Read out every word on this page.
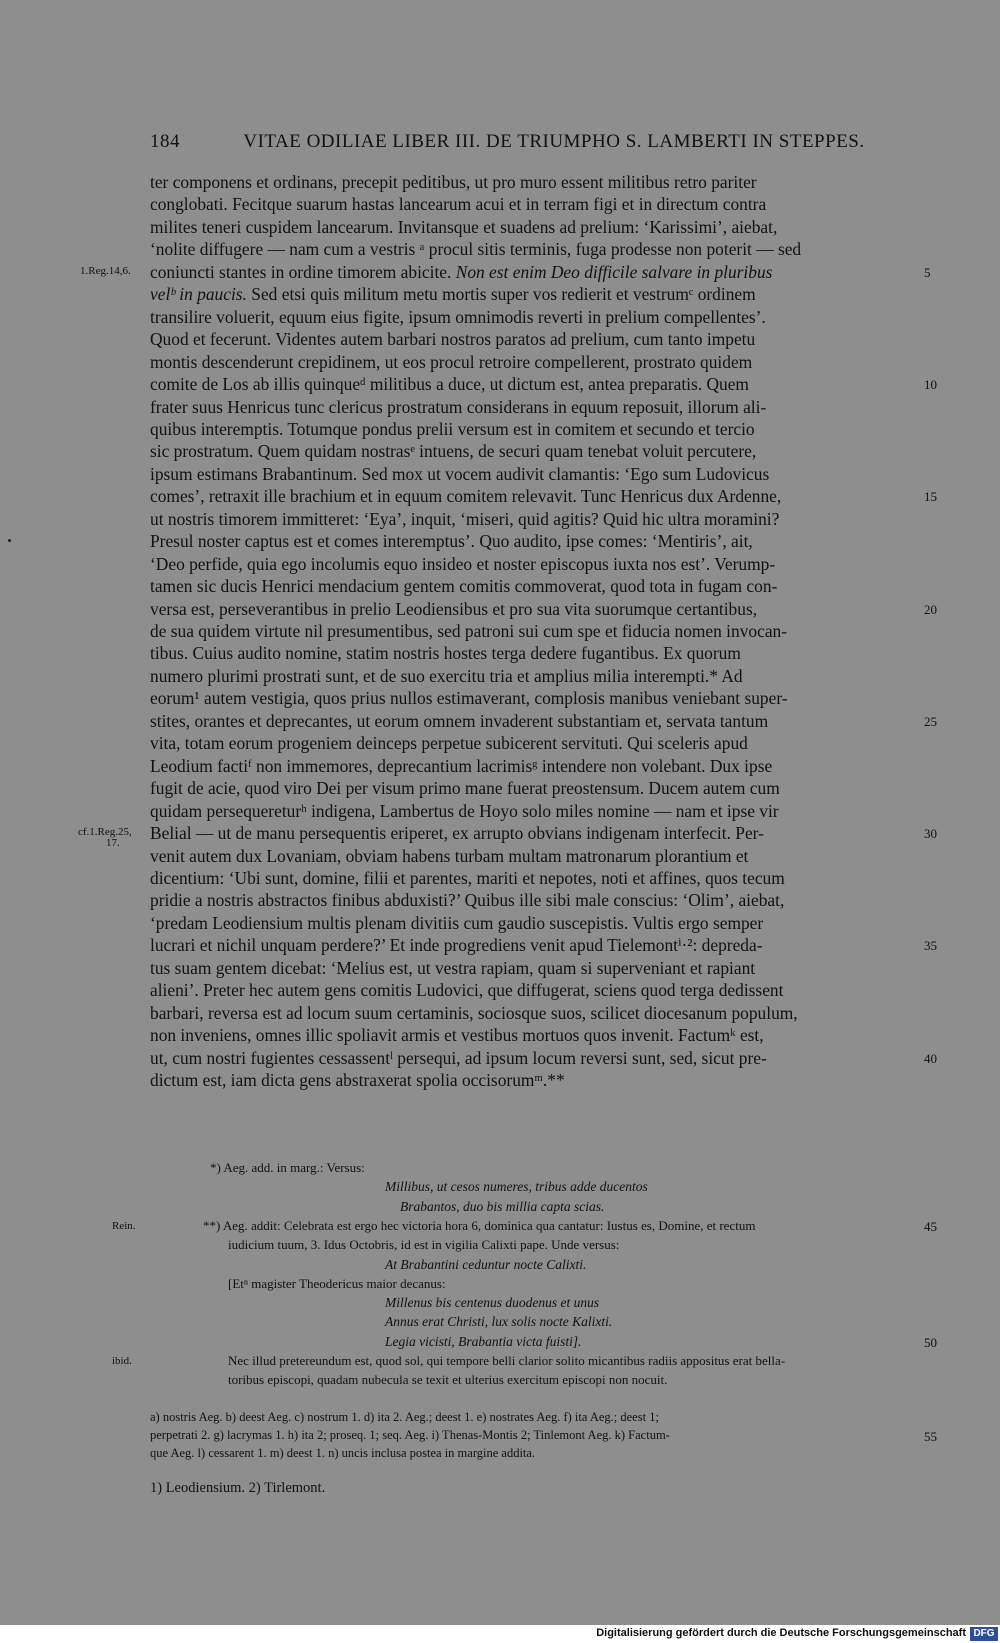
184	VITAE ODILIAE LIBER III. DE TRIUMPHO S. LAMBERTI IN STEPPES.
ter componens et ordinans, precepit peditibus, ut pro muro essent militibus retro pariter
conglobati. Fecitque suarum hastas lancearum acui et in terram figi et in directum contra
milites teneri cuspidem lancearum. Invitansque et suadens ad prelium: ‘Karissimi’, aiebat,
‘nolite diffugere — nam cum a vestris ᵃ procul sitis terminis, fuga prodesse non poterit — sed
coniuncti stantes in ordine timorem abicite. Non est enim Deo difficile salvare in pluribus	5
1.Reg.14,6.
velᵇ in paucis. Sed etsi quis militum metu mortis super vos redierit et vestrumᶜ ordinem
transilire voluerit, equum eius figite, ipsum omnimodis reverti in prelium compellentes’.
Quod et fecerunt. Videntes autem barbari nostros paratos ad prelium, cum tanto impetu
montis descenderunt crepidinem, ut eos procul retroire compellerent, prostrato quidem
comite de Los ab illis quinqueᵈ militibus a duce, ut dictum est, antea preparatis. Quem	10
frater suus Henricus tunc clericus prostratum considerans in equum reposuit, illorum ali-
quibus interemptis. Totumque pondus prelii versum est in comitem et secundo et tercio
sic prostratum. Quem quidam nostrasᵉ intuens, de securi quam tenebat voluit percutere,
ipsum estimans Brabantinum. Sed mox ut vocem audivit clamantis: ‘Ego sum Ludovicus
comes’, retraxit ille brachium et in equum comitem relevavit. Tunc Henricus dux Ardenne,	15
ut nostris timorem immitteret: ‘Eya’, inquit, ‘miseri, quid agitis? Quid hic ultra moramini?
Presul noster captus est et comes interemptus’. Quo audito, ipse comes: ‘Mentiris’, ait,
‘Deo perfide, quia ego incolumis equo insideo et noster episcopus iuxta nos est’. Verump-
tamen sic ducis Henrici mendacium gentem comitis commoverat, quod tota in fugam con-
versa est, perseverantibus in prelio Leodiensibus et pro sua vita suorumque certantibus,	20
de sua quidem virtute nil presumentibus, sed patroni sui cum spe et fiducia nomen invocan-
tibus. Cuius audito nomine, statim nostris hostes terga dedere fugantibus. Ex quorum
numero plurimi prostrati sunt, et de suo exercitu tria et amplius milia interempti.* Ad
eorum¹ autem vestigia, quos prius nullos estimaverant, complosis manibus veniebant super-
stites, orantes et deprecantes, ut eorum omnem invaderent substantiam et, servata tantum	25
vita, totam eorum progeniem deinceps perpetue subicerent servituti. Qui sceleris apud
Leodium factiᶠ non immemores, deprecantium lacrimisᵍ intendere non volebant. Dux ipse
fugit de acie, quod viro Dei per visum primo mane fuerat preostensum. Ducem autem cum
quidam persequereturʰ indigena, Lambertus de Hoyo solo miles nomine — nam et ipse vir
Belial — ut de manu persequentis eriperet, ex arrupto obvians indigenam interfecit. Per-	30
cf.1.Reg.25,
17.
venit autem dux Lovaniam, obviam habens turbam multam matronarum plorantium et
dicentium: ‘Ubi sunt, domine, filii et parentes, mariti et nepotes, noti et affines, quos tecum
pridie a nostris abstractos finibus abduxisti?’ Quibus ille sibi male conscius: ‘Olim’, aiebat,
‘predam Leodiensium multis plenam divitiis cum gaudio suscepistis. Vultis ergo semper
lucrari et nichil unquam perdere?’ Et inde progrediens venit apud Tielemontⁱ·²: depreda-	35
tus suam gentem dicebat: ‘Melius est, ut vestra rapiam, quam si superveniant et rapiant
alieni’. Preter hec autem gens comitis Ludovici, que diffugerat, sciens quod terga dedissent
barbari, reversa est ad locum suum certaminis, sociosque suos, scilicet diocesanum populum,
non inveniens, omnes illic spoliavit armis et vestibus mortuos quos invenit. Factumᵏ est,
ut, cum nostri fugientes cessassentˡ persequi, ad ipsum locum reversi sunt, sed, sicut pre-	40
dictum est, iam dicta gens abstraxerat spolia occisorumᵐ.**
*) Aeg. add. in marg.: Versus:
Millibus, ut cesos numeres, tribus adde ducentos
Brabantos, duo bis millia capta scias.
**) Aeg. addit: Celebrata est ergo hec victoria hora 6, dominica qua cantatur: Iustus es, Domine, et rectum	45
Rein.
iudicium tuum, 3. Idus Octobris, id est in vigilia Calixti pape. Unde versus:
At Brabantini ceduntur nocte Calixti.
[Etⁿ magister Theodericus maior decanus:
Millenus bis centenus duodenus et unus
Annus erat Christi, lux solis nocte Kalixti.
Legia vicisti, Brabantia victa fuisti].	50
Nec illud pretereundum est, quod sol, qui tempore belli clarior solito micantibus radiis appositus erat bella-
ibid.
toribus episcopi, quadam nubecula se texit et ulterius exercitum episcopi non nocuit.
a) nostris Aeg. b) deest Aeg. c) nostrum 1. d) ita 2. Aeg.; deest 1. e) nostrates Aeg. f) ita Aeg.; deest 1;
perpetrati 2. g) lacrymas 1. h) ita 2; proseq. 1; seq. Aeg. i) Thenas-Montis 2; Tinlemont Aeg. k) Factum-	55
que Aeg. l) cessarent 1. m) deest 1. n) uncis inclusa postea in margine addita.
1) Leodiensium. 2) Tirlemont.
Digitalisierung gefördert durch die Deutsche Forschungsgemeinschaft DFG
